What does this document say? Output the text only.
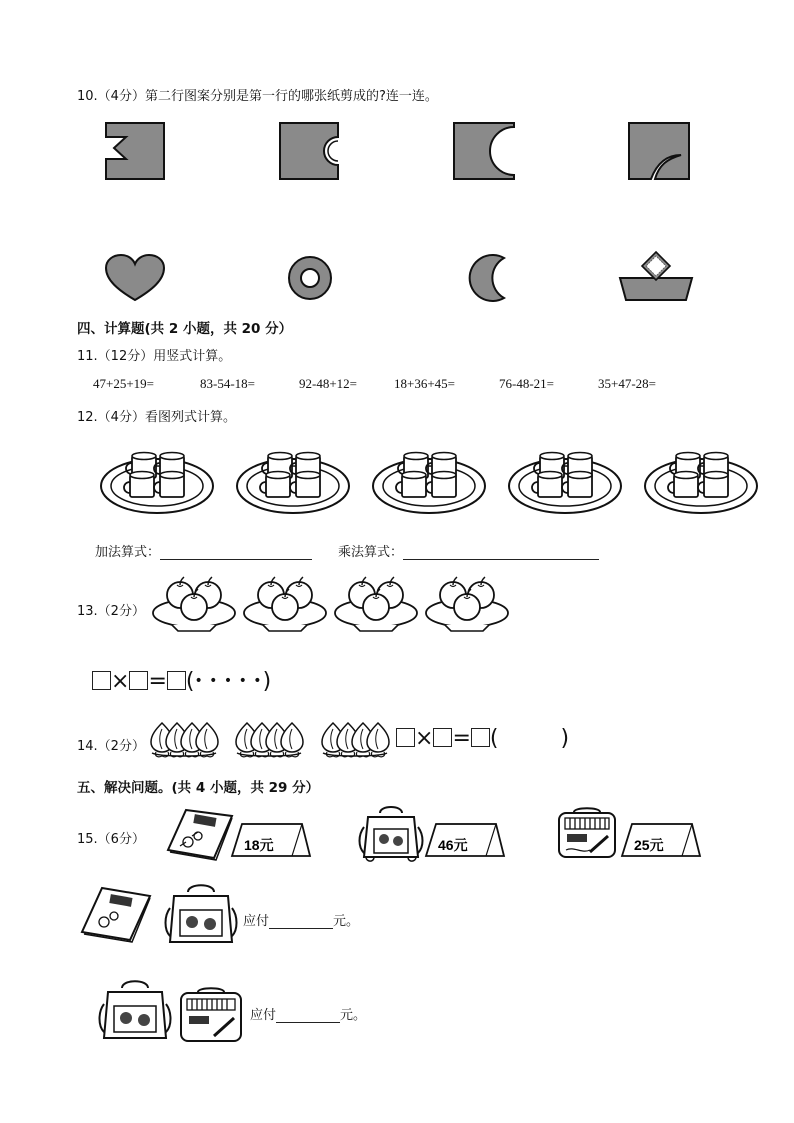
10.（4分）第二行图案分别是第一行的哪张纸剪成的?连一连。
四、计算题(共 2 小题，共 20 分）
11.（12分）用竖式计算。
47+25+19=	83-54-18=	92-48+12=	18+36+45=	76-48-21=	35+47-28=
12.（4分）看图列式计算。
加法算式：	乘法算式：
13.（2分）
× = (• • • • •)
14.（2分）	× = (	)
五、解决问题。(共 4 小题，共 29 分）
15.（6分）	18元	46元	25元
应付	元。
应付	元。
